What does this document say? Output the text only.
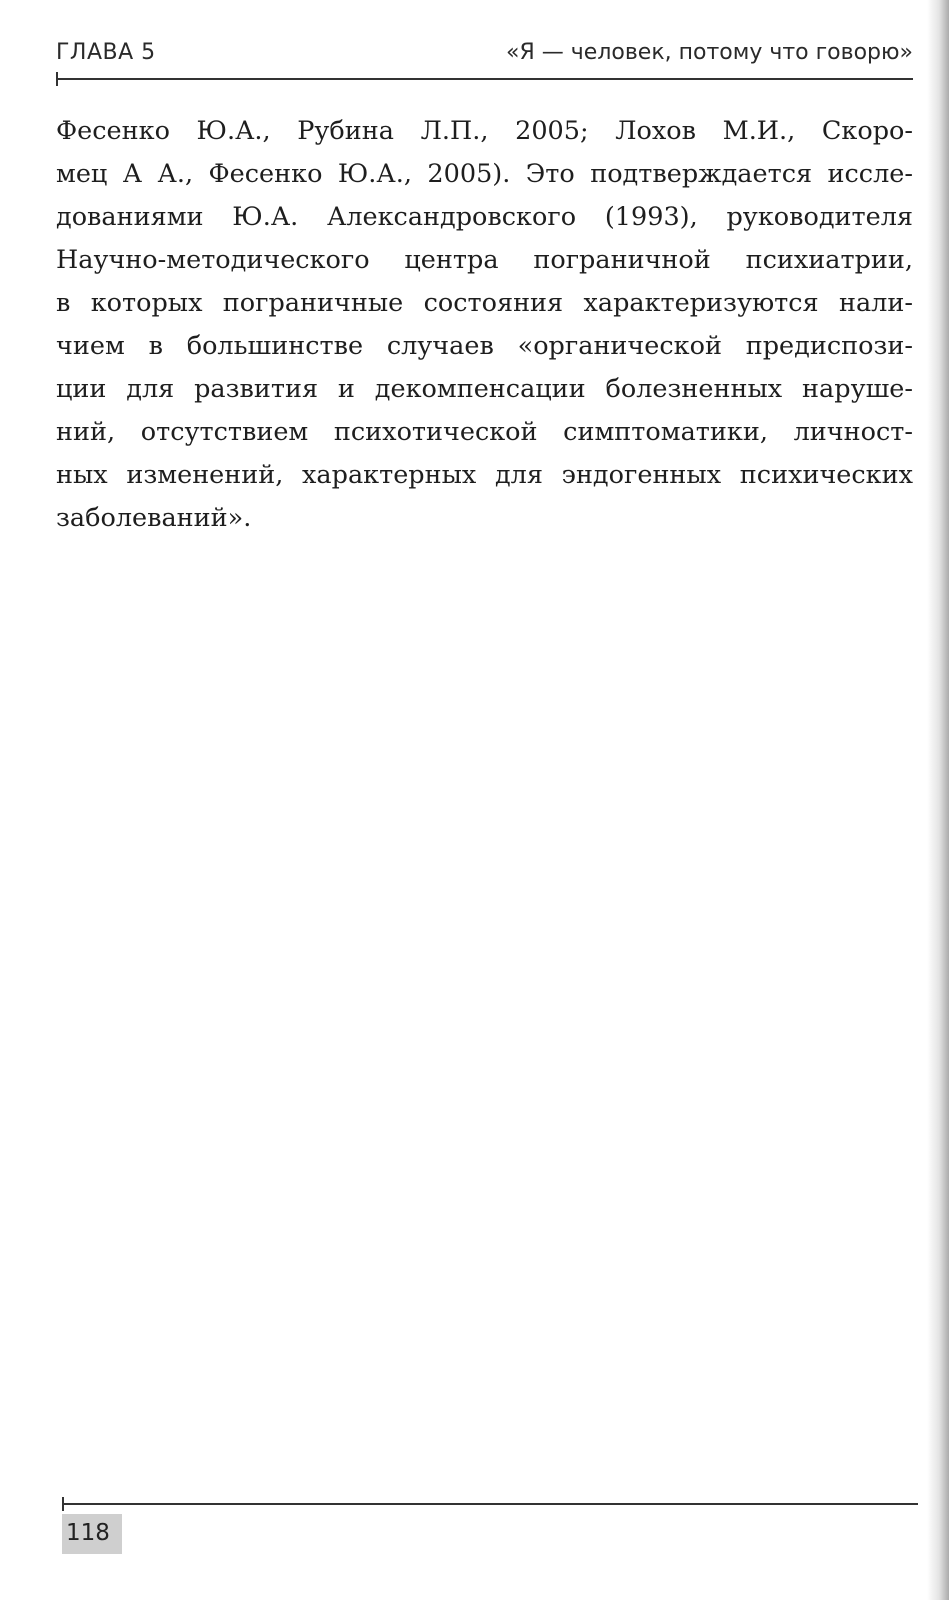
ГЛАВА 5	«Я — человек, потому что говорю»
Фесенко Ю.А., Рубина Л.П., 2005; Лохов М.И., Скоро-
мец А А., Фесенко Ю.А., 2005). Это подтверждается иссле-
дованиями Ю.А. Александровского (1993), руководителя
Научно-методического центра пограничной психиатрии,
в которых пограничные состояния характеризуются нали-
чием в большинстве случаев «органической предиспози-
ции для развития и декомпенсации болезненных наруше-
ний, отсутствием психотической симптоматики, личност-
ных изменений, характерных для эндогенных психических
заболеваний».
118
